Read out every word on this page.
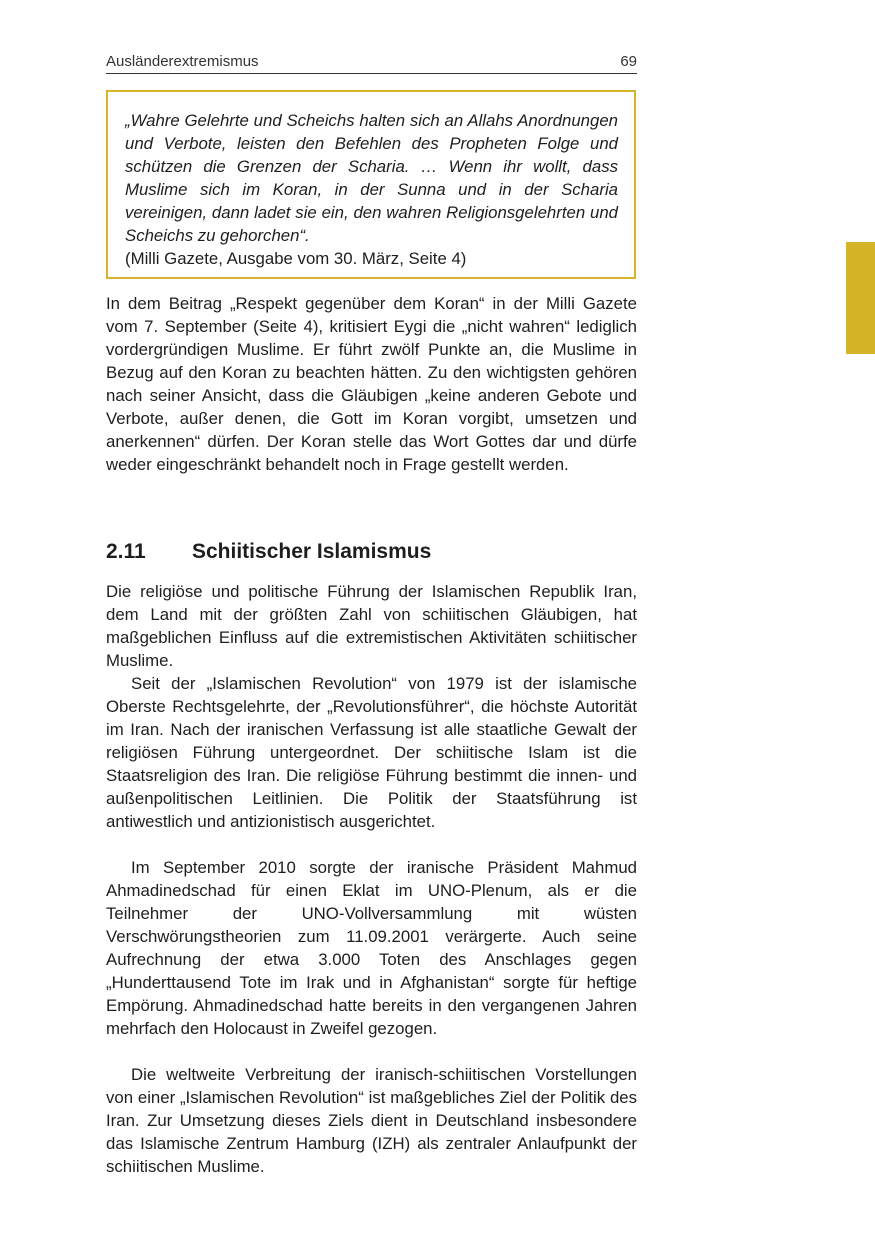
Ausländerextremismus	69

„Wahre Gelehrte und Scheichs halten sich an Allahs Anordnungen und Verbote, leisten den Befehlen des Propheten Folge und schützen die Grenzen der Scharia. … Wenn ihr wollt, dass Muslime sich im Koran, in der Sunna und in der Scharia vereinigen, dann ladet sie ein, den wahren Religionsgelehrten und Scheichs zu gehorchen“.

(Milli Gazete, Ausgabe vom 30. März, Seite 4)

In dem Beitrag „Respekt gegenüber dem Koran“ in der Milli Gazete vom 7. September (Seite 4), kritisiert Eygi die „nicht wahren“ lediglich vordergründigen Muslime. Er führt zwölf Punkte an, die Muslime in Bezug auf den Koran zu beachten hätten. Zu den wichtigsten gehören nach seiner Ansicht, dass die Gläubigen „keine anderen Gebote und Verbote, außer denen, die Gott im Koran vorgibt, umsetzen und anerkennen“ dürfen. Der Koran stelle das Wort Gottes dar und dürfe weder eingeschränkt behandelt noch in Frage gestellt werden.

2.11 Schiitischer Islamismus

Die religiöse und politische Führung der Islamischen Republik Iran, dem Land mit der größten Zahl von schiitischen Gläubigen, hat maßgeblichen Einfluss auf die extremistischen Aktivitäten schiitischer Muslime.

Seit der „Islamischen Revolution“ von 1979 ist der islamische Oberste Rechtsgelehrte, der „Revolutionsführer“, die höchste Autorität im Iran. Nach der iranischen Verfassung ist alle staatliche Gewalt der religiösen Führung untergeordnet. Der schiitische Islam ist die Staatsreligion des Iran. Die religiöse Führung bestimmt die innen- und außenpolitischen Leitlinien. Die Politik der Staatsführung ist antiwestlich und antizionistisch ausgerichtet.

Im September 2010 sorgte der iranische Präsident Mahmud Ahmadinedschad für einen Eklat im UNO-Plenum, als er die Teilnehmer der UNO-Vollversammlung mit wüsten Verschwörungstheorien zum 11.09.2001 verärgerte. Auch seine Aufrechnung der etwa 3.000 Toten des Anschlages gegen „Hunderttausend Tote im Irak und in Afghanistan“ sorgte für heftige Empörung. Ahmadinedschad hatte bereits in den vergangenen Jahren mehrfach den Holocaust in Zweifel gezogen.

Die weltweite Verbreitung der iranisch-schiitischen Vorstellungen von einer „Islamischen Revolution“ ist maßgebliches Ziel der Politik des Iran. Zur Umsetzung dieses Ziels dient in Deutschland insbesondere das Islamische Zentrum Hamburg (IZH) als zentraler Anlaufpunkt der schiitischen Muslime.
